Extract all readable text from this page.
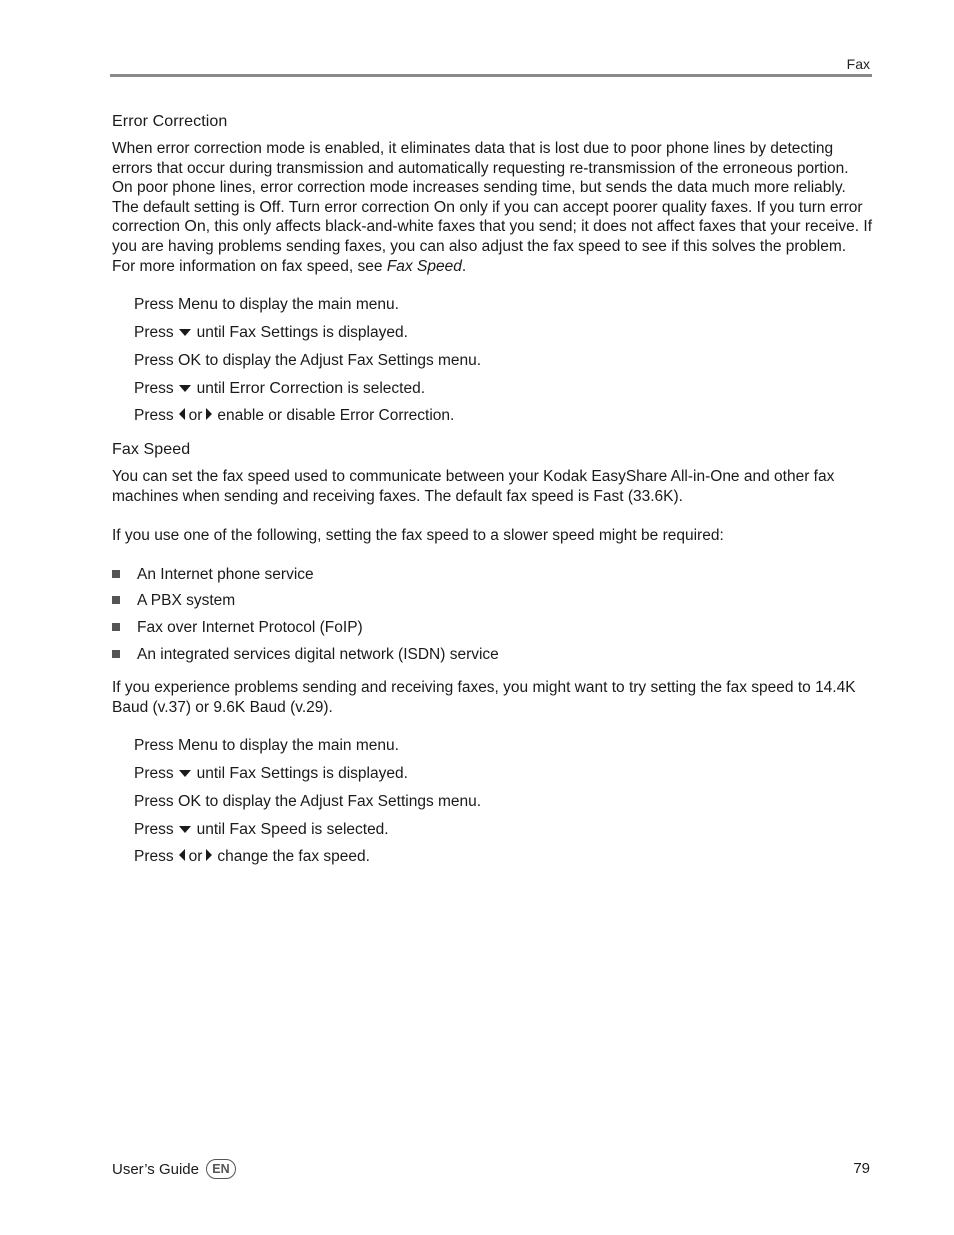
Fax
Error Correction

When error correction mode is enabled, it eliminates data that is lost due to poor phone lines by detecting errors that occur during transmission and automatically requesting re-transmission of the erroneous portion. On poor phone lines, error correction mode increases sending time, but sends the data much more reliably. The default setting is Off. Turn error correction On only if you can accept poorer quality faxes. If you turn error correction On, this only affects black-and-white faxes that you send; it does not affect faxes that your receive. If you are having problems sending faxes, you can also adjust the fax speed to see if this solves the problem. For more information on fax speed, see Fax Speed.

Press Menu to display the main menu.
Press until Fax Settings is displayed.
Press OK to display the Adjust Fax Settings menu.
Press until Error Correction is selected.
Press or enable or disable Error Correction.
Fax Speed

You can set the fax speed used to communicate between your Kodak EasyShare All-in-One and other fax machines when sending and receiving faxes. The default fax speed is Fast (33.6K).

If you use one of the following, setting the fax speed to a slower speed might be required:

An Internet phone service
A PBX system
Fax over Internet Protocol (FoIP)
An integrated services digital network (ISDN) service

If you experience problems sending and receiving faxes, you might want to try setting the fax speed to 14.4K Baud (v.37) or 9.6K Baud (v.29).

Press Menu to display the main menu.
Press until Fax Settings is displayed.
Press OK to display the Adjust Fax Settings menu.
Press until Fax Speed is selected.
Press or change the fax speed.
User’s Guide	EN	79
